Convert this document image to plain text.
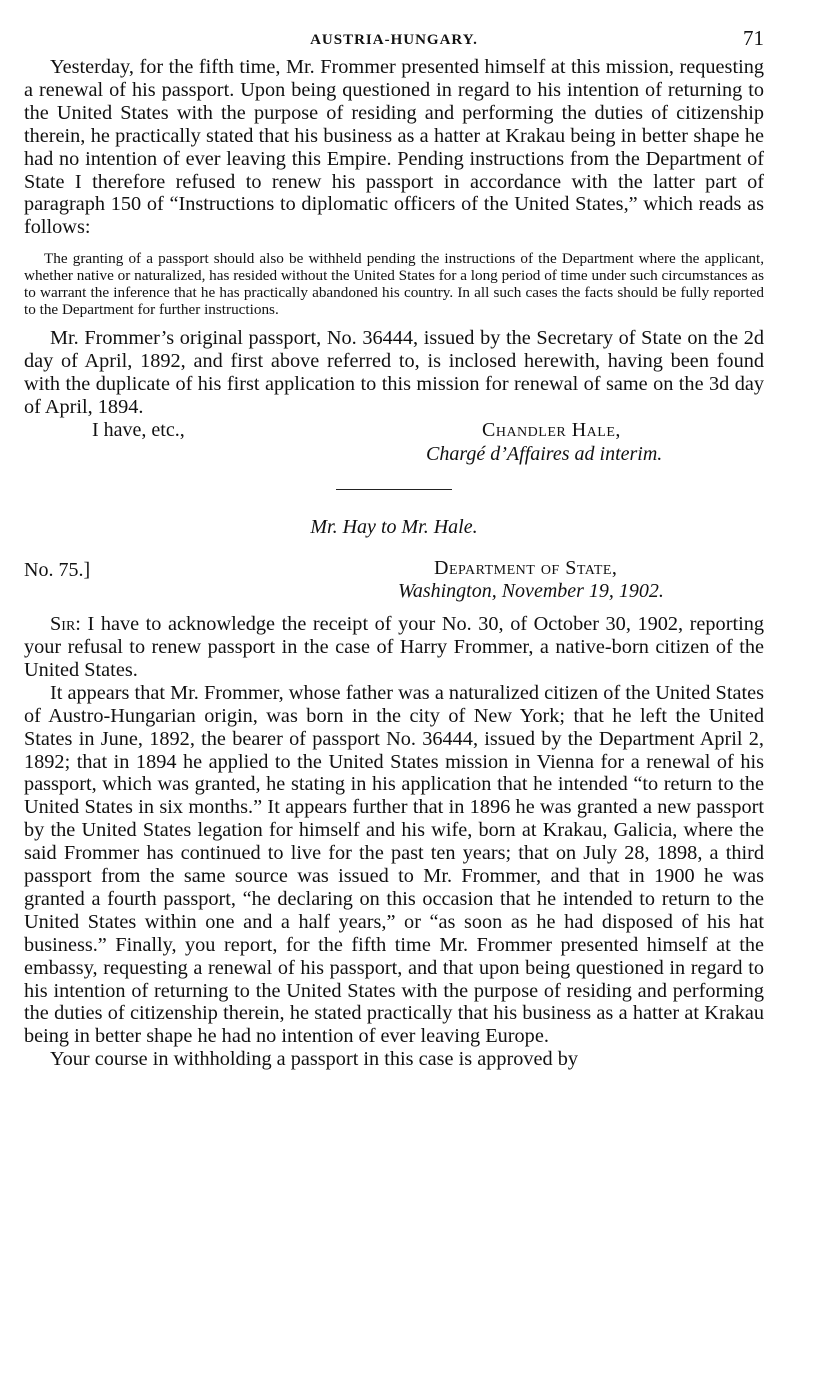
AUSTRIA-HUNGARY.	71

Yesterday, for the fifth time, Mr. Frommer presented himself at this mission, requesting a renewal of his passport. Upon being questioned in regard to his intention of returning to the United States with the purpose of residing and performing the duties of citizenship therein, he practically stated that his business as a hatter at Krakau being in better shape he had no intention of ever leaving this Empire. Pending instructions from the Department of State I therefore refused to renew his passport in accordance with the latter part of paragraph 150 of “Instructions to diplomatic officers of the United States,” which reads as follows:

The granting of a passport should also be withheld pending the instructions of the Department where the applicant, whether native or naturalized, has resided without the United States for a long period of time under such circumstances as to warrant the inference that he has practically abandoned his country. In all such cases the facts should be fully reported to the Department for further instructions.

Mr. Frommer’s original passport, No. 36444, issued by the Secretary of State on the 2d day of April, 1892, and first above referred to, is inclosed herewith, having been found with the duplicate of his first application to this mission for renewal of same on the 3d day of April, 1894.

I have, etc.,	Chandler Hale,
Chargé d’Affaires ad interim.
Mr. Hay to Mr. Hale.
No. 75.]	Department of State,
Washington, November 19, 1902.

Sir: I have to acknowledge the receipt of your No. 30, of October 30, 1902, reporting your refusal to renew passport in the case of Harry Frommer, a native-born citizen of the United States.

It appears that Mr. Frommer, whose father was a naturalized citizen of the United States of Austro-Hungarian origin, was born in the city of New York; that he left the United States in June, 1892, the bearer of passport No. 36444, issued by the Department April 2, 1892; that in 1894 he applied to the United States mission in Vienna for a renewal of his passport, which was granted, he stating in his application that he intended “to return to the United States in six months.” It appears further that in 1896 he was granted a new passport by the United States legation for himself and his wife, born at Krakau, Galicia, where the said Frommer has continued to live for the past ten years; that on July 28, 1898, a third passport from the same source was issued to Mr. Frommer, and that in 1900 he was granted a fourth passport, “he declaring on this occasion that he intended to return to the United States within one and a half years,” or “as soon as he had disposed of his hat business.” Finally, you report, for the fifth time Mr. Frommer presented himself at the embassy, requesting a renewal of his passport, and that upon being questioned in regard to his intention of returning to the United States with the purpose of residing and performing the duties of citizenship therein, he stated practically that his business as a hatter at Krakau being in better shape he had no intention of ever leaving Europe.

Your course in withholding a passport in this case is approved by
